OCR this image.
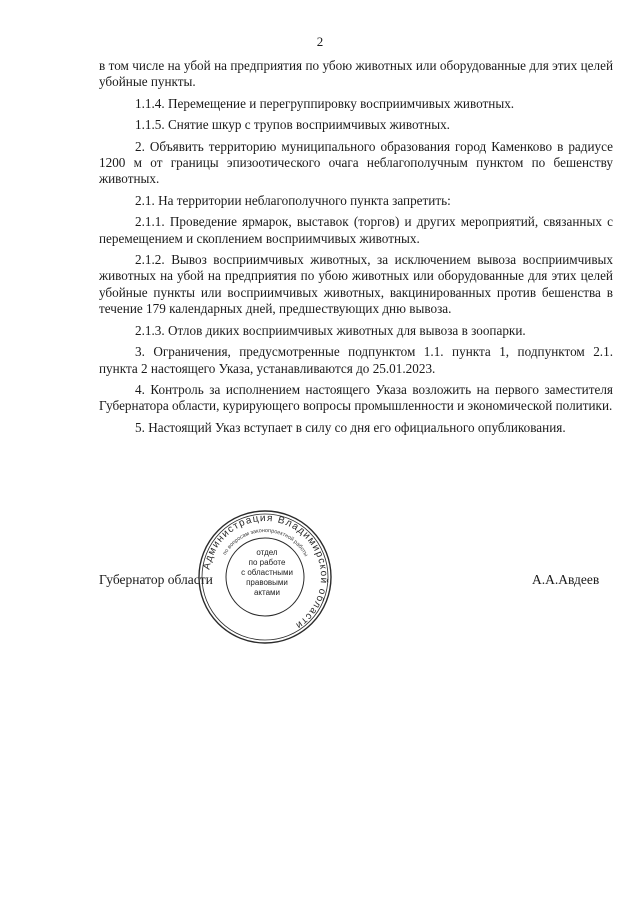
2

в том числе на убой на предприятия по убою животных или оборудованные для этих целей убойные пункты.

1.1.4. Перемещение и перегруппировку восприимчивых животных.

1.1.5. Снятие шкур с трупов восприимчивых животных.

2. Объявить территорию муниципального образования город Каменково в радиусе 1200 м от границы эпизоотического очага неблагополучным пунктом по бешенству животных.

2.1. На территории неблагополучного пункта запретить:

2.1.1. Проведение ярмарок, выставок (торгов) и других мероприятий, связанных с перемещением и скоплением восприимчивых животных.

2.1.2. Вывоз восприимчивых животных, за исключением вывоза восприимчивых животных на убой на предприятия по убою животных или оборудованные для этих целей убойные пункты или восприимчивых животных, вакцинированных против бешенства в течение 179 календарных дней, предшествующих дню вывоза.

2.1.3. Отлов диких восприимчивых животных для вывоза в зоопарки.

3. Ограничения, предусмотренные подпунктом 1.1. пункта 1, подпунктом 2.1. пункта 2 настоящего Указа, устанавливаются до 25.01.2023.

4. Контроль за исполнением настоящего Указа возложить на первого заместителя Губернатора области, курирующего вопросы промышленности и экономической политики.

5. Настоящий Указ вступает в силу со дня его официального опубликования.

Губернатор области	А.А.Авдеев
Администрация Владимирской области
по вопросам законопроектной работы
отдел
по работе
с областными
правовыми
актами
